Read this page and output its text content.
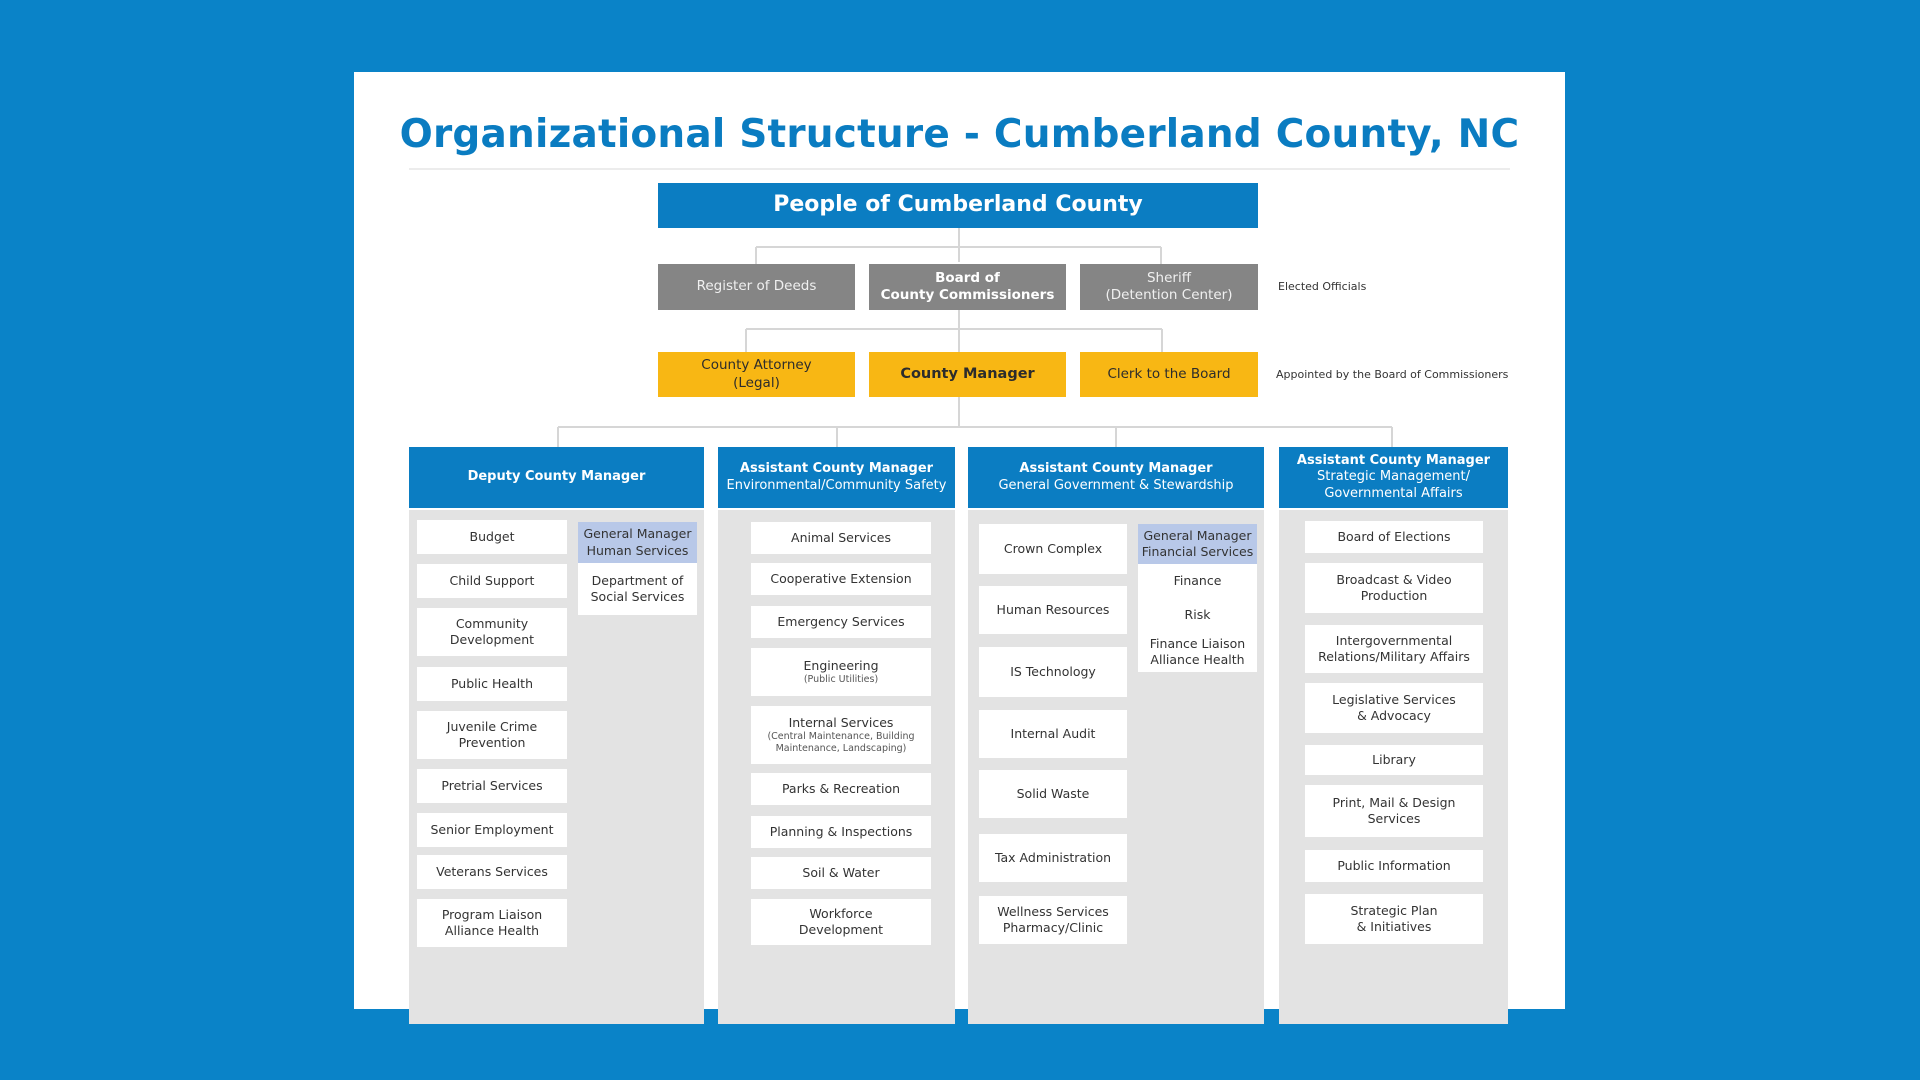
Organizational Structure - Cumberland County, NC
People of Cumberland County
Register of Deeds
Board of
County Commissioners
Sheriff
(Detention Center)
Elected Officials
County Attorney
(Legal)
County Manager	Clerk to the Board	Appointed by the Board of Commissioners
Deputy County Manager
Budget
Child Support
Community
Development
Public Health
Juvenile Crime
Prevention
Pretrial Services
Senior Employment
Veterans Services
Program Liaison
Alliance Health
General Manager
Human Services
Department of
Social Services
Assistant County Manager
Environmental/Community Safety
Animal Services
Cooperative Extension
Emergency Services
Engineering
(Public Utilities)
Internal Services
(Central Maintenance, Building
Maintenance, Landscaping)
Parks & Recreation
Planning & Inspections
Soil & Water
Workforce
Development
Assistant County Manager
General Government & Stewardship
Crown Complex
Human Resources
IS Technology
Internal Audit
Solid Waste
Tax Administration
Wellness Services
Pharmacy/Clinic
General Manager
Financial Services
Finance
Risk
Finance Liaison
Alliance Health
Assistant County Manager
Strategic Management/
Governmental Affairs
Board of Elections
Broadcast & Video
Production
Intergovernmental
Relations/Military Affairs
Legislative Services
& Advocacy
Library
Print, Mail & Design
Services
Public Information
Strategic Plan
& Initiatives
